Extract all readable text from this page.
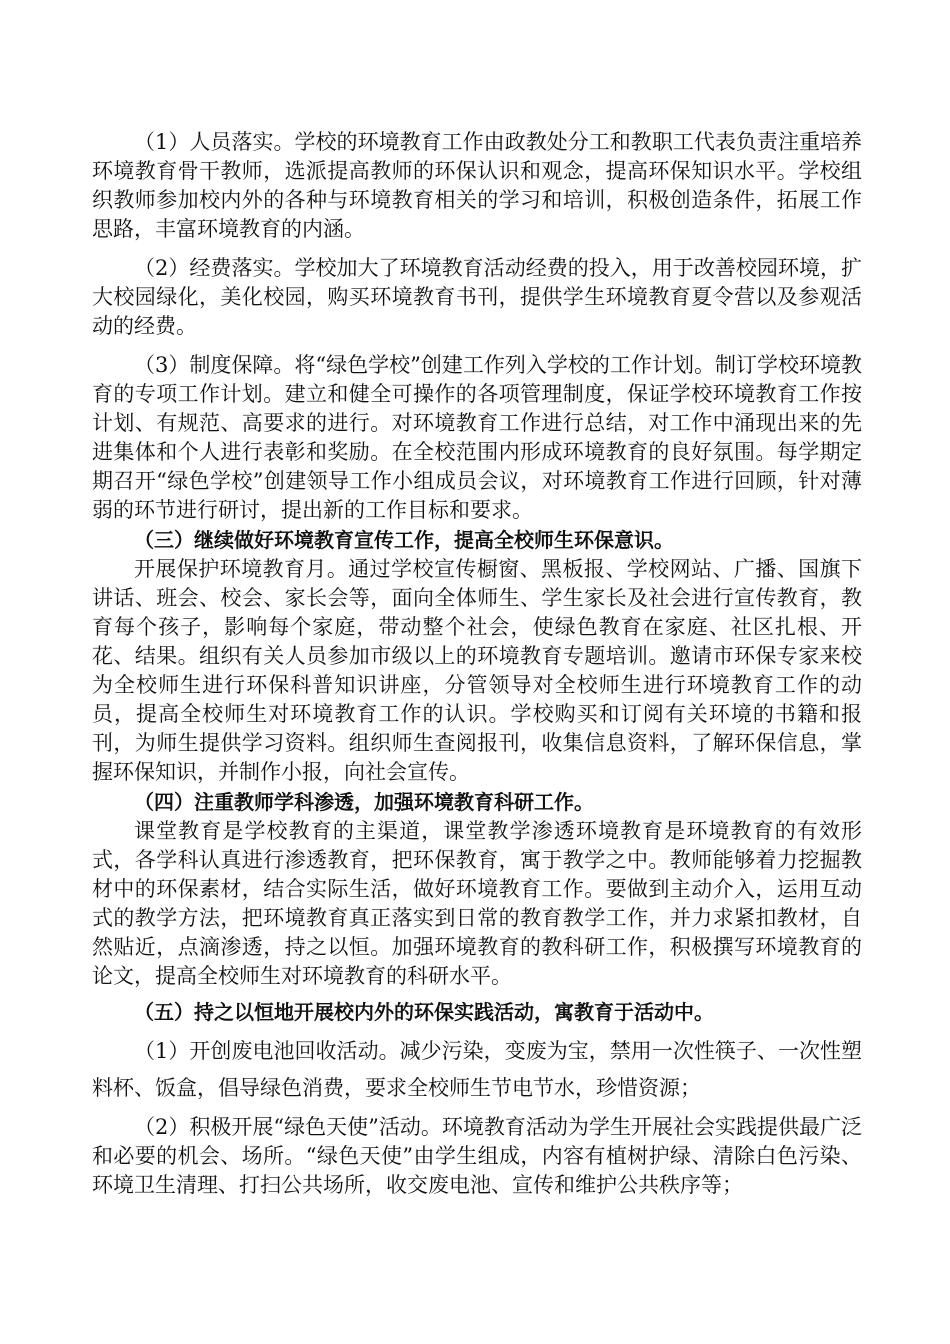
（1）人员落实。学校的环境教育工作由政教处分工和教职工代表负责注重培养环境教育骨干教师，选派提高教师的环保认识和观念，提高环保知识水平。学校组织教师参加校内外的各种与环境教育相关的学习和培训，积极创造条件，拓展工作思路，丰富环境教育的内涵。

（2）经费落实。学校加大了环境教育活动经费的投入，用于改善校园环境，扩大校园绿化，美化校园，购买环境教育书刊，提供学生环境教育夏令营以及参观活动的经费。

（3）制度保障。将“绿色学校”创建工作列入学校的工作计划。制订学校环境教育的专项工作计划。建立和健全可操作的各项管理制度，保证学校环境教育工作按计划、有规范、高要求的进行。对环境教育工作进行总结，对工作中涌现出来的先进集体和个人进行表彰和奖励。在全校范围内形成环境教育的良好氛围。每学期定期召开“绿色学校”创建领导工作小组成员会议，对环境教育工作进行回顾，针对薄弱的环节进行研讨，提出新的工作目标和要求。

（三）继续做好环境教育宣传工作，提高全校师生环保意识。

开展保护环境教育月。通过学校宣传橱窗、黑板报、学校网站、广播、国旗下讲话、班会、校会、家长会等，面向全体师生、学生家长及社会进行宣传教育，教育每个孩子，影响每个家庭，带动整个社会，使绿色教育在家庭、社区扎根、开花、结果。组织有关人员参加市级以上的环境教育专题培训。邀请市环保专家来校为全校师生进行环保科普知识讲座，分管领导对全校师生进行环境教育工作的动员，提高全校师生对环境教育工作的认识。学校购买和订阅有关环境的书籍和报刊，为师生提供学习资料。组织师生查阅报刊，收集信息资料，了解环保信息，掌握环保知识，并制作小报，向社会宣传。

（四）注重教师学科渗透，加强环境教育科研工作。

课堂教育是学校教育的主渠道，课堂教学渗透环境教育是环境教育的有效形式，各学科认真进行渗透教育，把环保教育，寓于教学之中。教师能够着力挖掘教材中的环保素材，结合实际生活，做好环境教育工作。要做到主动介入，运用互动式的教学方法，把环境教育真正落实到日常的教育教学工作，并力求紧扣教材，自然贴近，点滴渗透，持之以恒。加强环境教育的教科研工作，积极撰写环境教育的论文，提高全校师生对环境教育的科研水平。

（五）持之以恒地开展校内外的环保实践活动，寓教育于活动中。

（1）开创废电池回收活动。减少污染，变废为宝，禁用一次性筷子、一次性塑料杯、饭盒，倡导绿色消费，要求全校师生节电节水，珍惜资源；

（2）积极开展“绿色天使”活动。环境教育活动为学生开展社会实践提供最广泛和必要的机会、场所。“绿色天使”由学生组成，内容有植树护绿、清除白色污染、环境卫生清理、打扫公共场所，收交废电池、宣传和维护公共秩序等；
